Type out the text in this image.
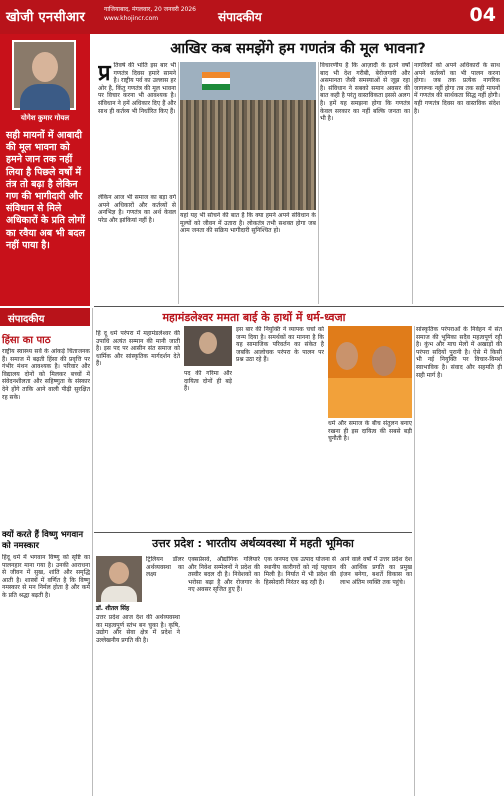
खोजी एनसीआर
गाजियाबाद, मंगलवार, 20 जनवरी 2026
www.khojincr.com	संपादकीय	04
योगेश कुमार गोयल
सही मायनों में आबादी की मूल भावना को हमने जान तक नहीं लिया है पिछले वर्षों में तंत्र तो बढ़ा है लेकिन गण की भागीदारी और संविधान से मिले अधिकारों के प्रति लोगों का रवैया अब भी बदल नहीं पाया है।
आखिर कब समझेंगे हम गणतंत्र की मूल भावना?
प्र तिवर्ष की भांति इस बार भी गणतंत्र दिवस हमारे सामने है। राष्ट्रीय पर्व का उल्लास हर ओर है, किंतु गणतंत्र की मूल भावना पर विचार करना भी आवश्यक है। संविधान ने हमें अधिकार दिए हैं और साथ ही कर्तव्य भी निर्धारित किए हैं।
लेकिन आज भी समाज का बड़ा वर्ग अपने अधिकारों और कर्तव्यों से अनभिज्ञ है। गणतंत्र का अर्थ केवल परेड और झांकियां नहीं है।
यहां यह भी सोचने की बात है कि क्या हमने अपने संविधान के मूल्यों को जीवन में उतारा है। लोकतंत्र तभी सशक्त होगा जब आम जनता की सक्रिय भागीदारी सुनिश्चित हो।
विचारणीय है कि आज़ादी के इतने वर्षों बाद भी देश गरीबी, बेरोजगारी और असमानता जैसी समस्याओं से जूझ रहा है। संविधान ने सबको समान अवसर की बात कही है परंतु वास्तविकता इससे अलग है। हमें यह समझना होगा कि गणतंत्र केवल सरकार का नहीं बल्कि जनता का भी है।
नागरिकों को अपने अधिकारों के साथ अपने कर्तव्यों का भी पालन करना होगा। जब तक प्रत्येक नागरिक जागरूक नहीं होगा तब तक सही मायनों में गणतंत्र की सार्थकता सिद्ध नहीं होगी। यही गणतंत्र दिवस का वास्तविक संदेश है।
संपादकीय
हिंसा का पाठ
राष्ट्रीय स्वास्थ्य सर्वे के आंकड़े चिंताजनक हैं। समाज में बढ़ती हिंसा की प्रवृत्ति पर गंभीर मंथन आवश्यक है। परिवार और विद्यालय दोनों को मिलकर बच्चों में संवेदनशीलता और सहिष्णुता के संस्कार देने होंगे ताकि आने वाली पीढ़ी सुरक्षित रह सके।
क्यों करते हैं विष्णु भगवान को नमस्कार
हिंदू धर्म में भगवान विष्णु को सृष्टि का पालनहार माना गया है। उनकी आराधना से जीवन में सुख, शांति और समृद्धि आती है। शास्त्रों में वर्णित है कि विष्णु नमस्कार से मन निर्मल होता है और कर्म के प्रति श्रद्धा बढ़ती है।
महामंडलेश्वर ममता बाई के हाथों में धर्म-ध्वजा
हिं दू धर्म परंपरा में महामंडलेश्वर की उपाधि अत्यंत सम्मान की मानी जाती है। इस पद पर आसीन संत समाज को धार्मिक और सांस्कृतिक मार्गदर्शन देते हैं।
पद की गरिमा और दायित्व दोनों ही बड़े हैं।
इस बार की नियुक्ति ने व्यापक चर्चा को जन्म दिया है। समर्थकों का मानना है कि यह सामाजिक परिवर्तन का संकेत है जबकि आलोचक परंपरा के पालन पर प्रश्न उठा रहे हैं।
धर्म और समाज के बीच संतुलन बनाए रखना ही इस दायित्व की सबसे बड़ी चुनौती है।
सांस्कृतिक परंपराओं के निर्वहन में संत समाज की भूमिका सदैव महत्वपूर्ण रही है। कुंभ और माघ मेलों में अखाड़ों की परंपरा सदियों पुरानी है। ऐसे में किसी भी नई नियुक्ति पर विचार-विमर्श स्वाभाविक है। संवाद और सहमति ही सही मार्ग है।
उत्तर प्रदेश : भारतीय अर्थव्यवस्था में महती भूमिका
डॉ. शीतल सिंह
उत्तर प्रदेश आज देश की अर्थव्यवस्था का महत्वपूर्ण स्तंभ बन चुका है। कृषि, उद्योग और सेवा क्षेत्र में प्रदेश ने उल्लेखनीय प्रगति की है।
ट्रिलियन डॉलर अर्थव्यवस्था का लक्ष्य
एक्सप्रेसवे, औद्योगिक गलियारे और निवेश सम्मेलनों ने प्रदेश की तस्वीर बदल दी है। निवेशकों का भरोसा बढ़ा है और रोजगार के नए अवसर सृजित हुए हैं।
एक जनपद एक उत्पाद योजना से स्थानीय कारीगरों को नई पहचान मिली है। निर्यात में भी प्रदेश की हिस्सेदारी निरंतर बढ़ रही है।
आने वाले वर्षों में उत्तर प्रदेश देश की आर्थिक प्रगति का प्रमुख इंजन बनेगा, बशर्ते विकास का लाभ अंतिम व्यक्ति तक पहुंचे।
